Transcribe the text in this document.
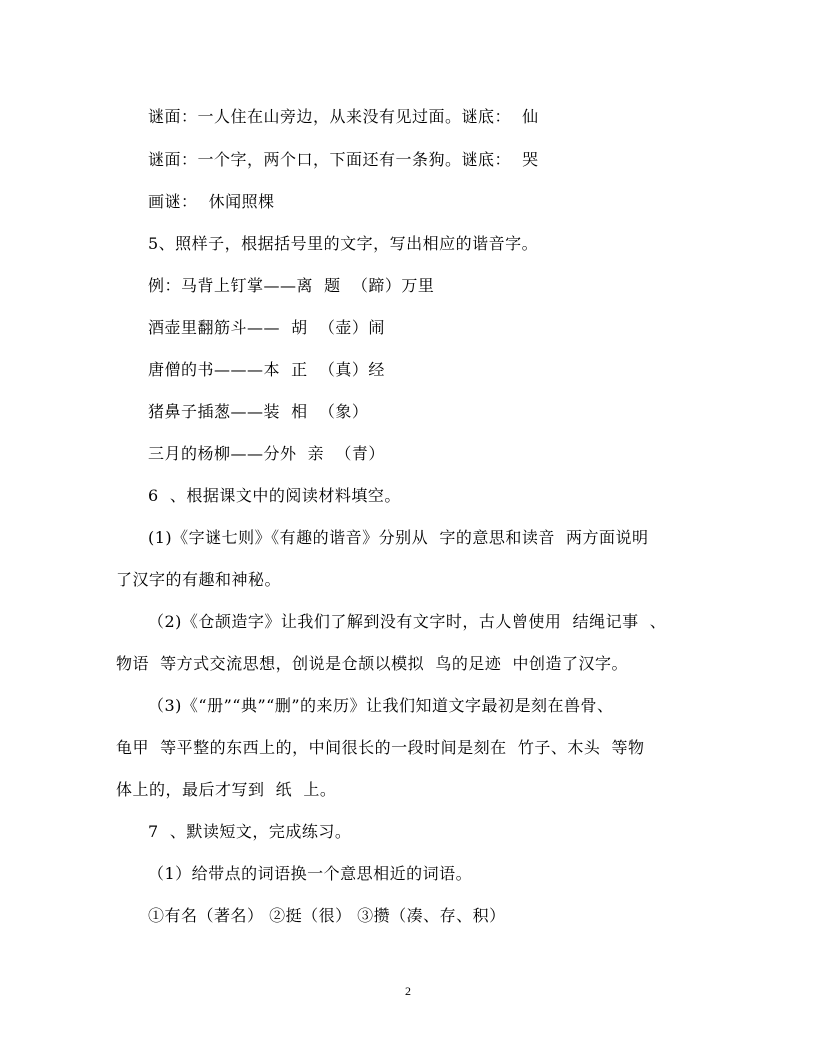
谜面：一人住在山旁边，从来没有见过面。谜底：  仙
谜面：一个字，两个口，下面还有一条狗。谜底：  哭
画谜：  休闻照棵
5、照样子，根据括号里的文字，写出相应的谐音字。
例：马背上钉掌——离  题  （蹄）万里
酒壶里翻筋斗——  胡  （壶）闹
唐僧的书———本  正  （真）经
猪鼻子插葱——装  相  （象）
三月的杨柳——分外  亲  （青）
6  、根据课文中的阅读材料填空。
(1)《字谜七则》《有趣的谐音》分别从  字的意思和读音  两方面说明
了汉字的有趣和神秘。
（2)《仓颉造字》让我们了解到没有文字时，古人曾使用  结绳记事  、
物语  等方式交流思想，创说是仓颉以模拟  鸟的足迹  中创造了汉字。
（3)《“册”“典”“删”的来历》让我们知道文字最初是刻在兽骨、
龟甲  等平整的东西上的，中间很长的一段时间是刻在  竹子、木头  等物
体上的，最后才写到  纸  上。
7  、默读短文，完成练习。
（1）给带点的词语换一个意思相近的词语。
①有名（著名） ②挺（很） ③攒（凑、存、积）
2
